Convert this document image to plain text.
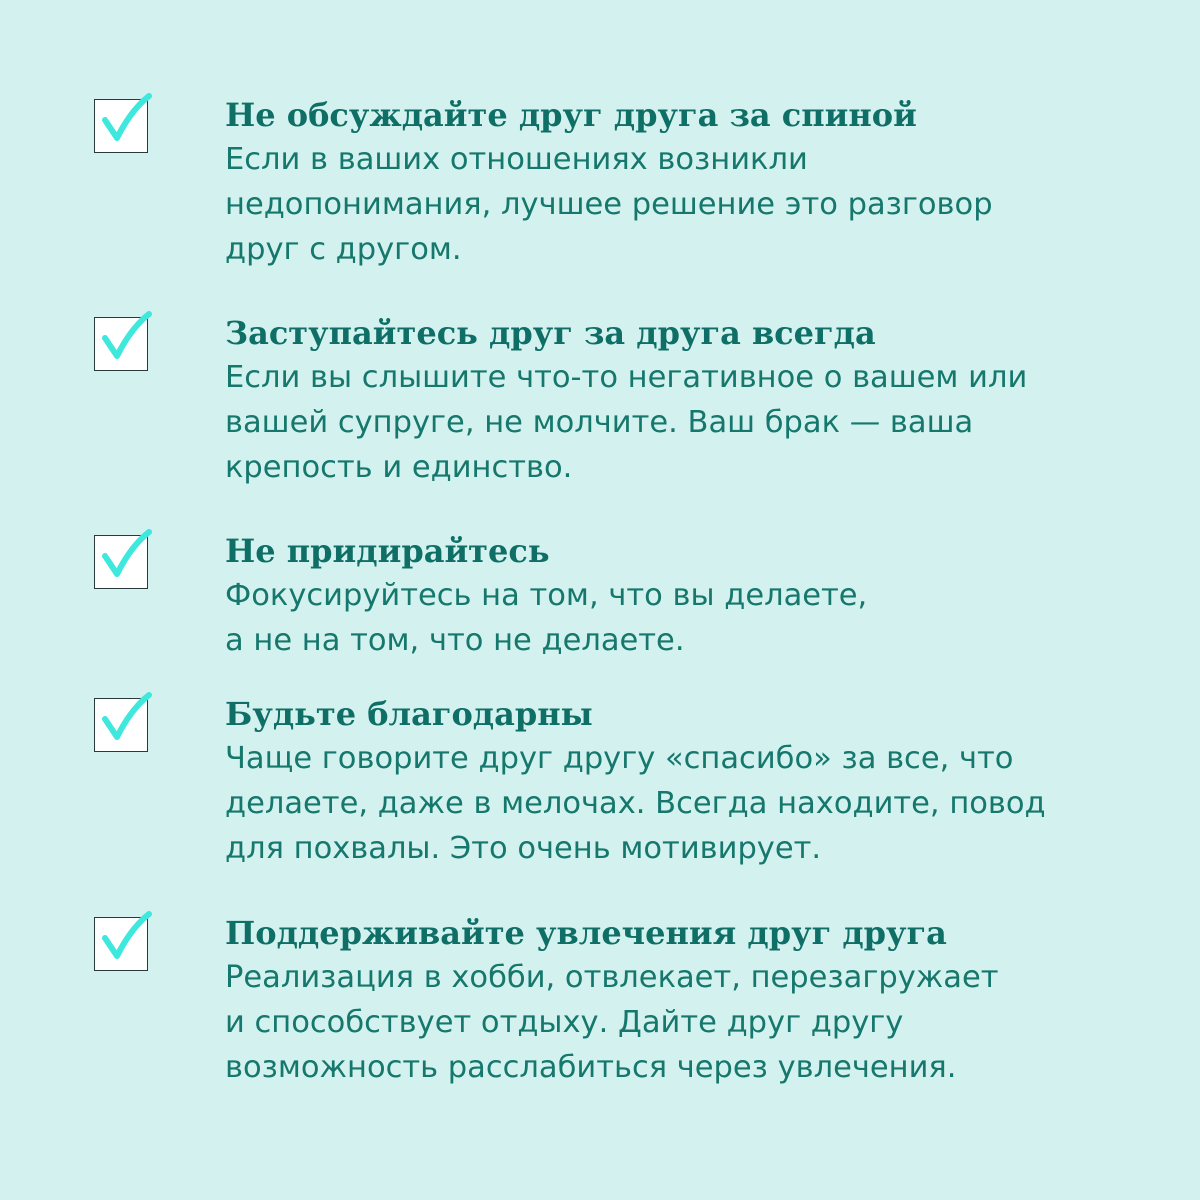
Не обсуждайте друг друга за спиной
Если в ваших отношениях возникли
недопонимания, лучшее решение это разговор
друг с другом.
Заступайтесь друг за друга всегда
Если вы слышите что-то негативное о вашем или
вашей супруге, не молчите. Ваш брак — ваша
крепость и единство.
Не придирайтесь
Фокусируйтесь на том, что вы делаете,
а не на том, что не делаете.
Будьте благодарны
Чаще говорите друг другу «спасибо» за все, что
делаете, даже в мелочах. Всегда находите, повод
для похвалы. Это очень мотивирует.
Поддерживайте увлечения друг друга
Реализация в хобби, отвлекает, перезагружает
и способствует отдыху. Дайте друг другу
возможность расслабиться через увлечения.
